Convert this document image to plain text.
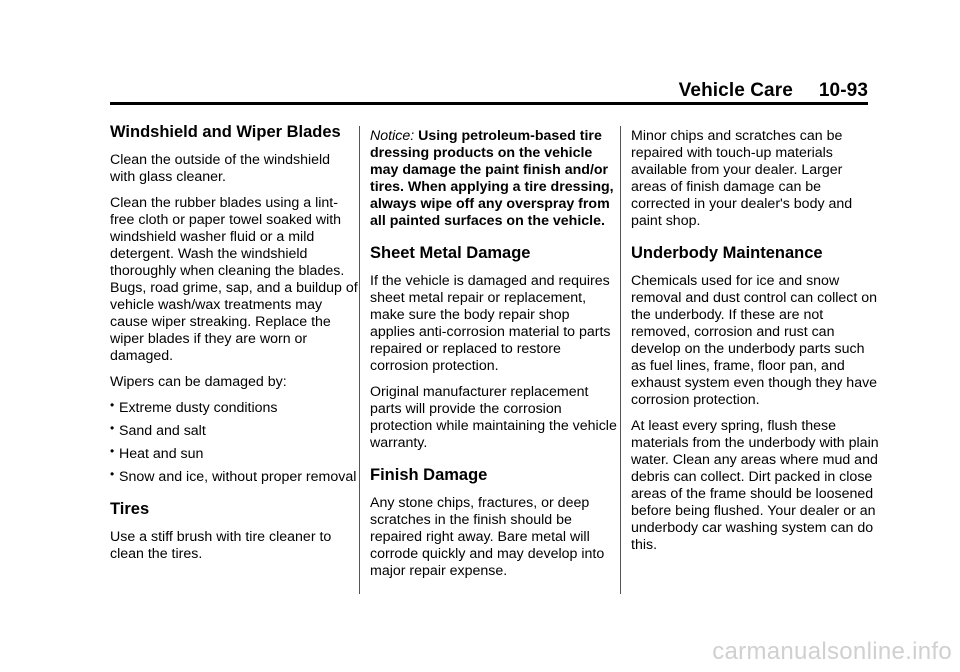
Vehicle Care 10-93
Windshield and Wiper Blades

Clean the outside of the windshield with glass cleaner.

Clean the rubber blades using a lint-free cloth or paper towel soaked with windshield washer fluid or a mild detergent. Wash the windshield thoroughly when cleaning the blades. Bugs, road grime, sap, and a buildup of vehicle wash/wax treatments may cause wiper streaking. Replace the wiper blades if they are worn or damaged.

Wipers can be damaged by:

• Extreme dusty conditions
• Sand and salt
• Heat and sun
• Snow and ice, without proper removal
Tires

Use a stiff brush with tire cleaner to clean the tires.

Notice: Using petroleum-based tire dressing products on the vehicle may damage the paint finish and/or tires. When applying a tire dressing, always wipe off any overspray from all painted surfaces on the vehicle.

Sheet Metal Damage

If the vehicle is damaged and requires sheet metal repair or replacement, make sure the body repair shop applies anti-corrosion material to parts repaired or replaced to restore corrosion protection.

Original manufacturer replacement parts will provide the corrosion protection while maintaining the vehicle warranty.

Finish Damage

Any stone chips, fractures, or deep scratches in the finish should be repaired right away. Bare metal will corrode quickly and may develop into major repair expense.

Minor chips and scratches can be repaired with touch-up materials available from your dealer. Larger areas of finish damage can be corrected in your dealer's body and paint shop.

Underbody Maintenance

Chemicals used for ice and snow removal and dust control can collect on the underbody. If these are not removed, corrosion and rust can develop on the underbody parts such as fuel lines, frame, floor pan, and exhaust system even though they have corrosion protection.

At least every spring, flush these materials from the underbody with plain water. Clean any areas where mud and debris can collect. Dirt packed in close areas of the frame should be loosened before being flushed. Your dealer or an underbody car washing system can do this.

carmanualsonline.info
